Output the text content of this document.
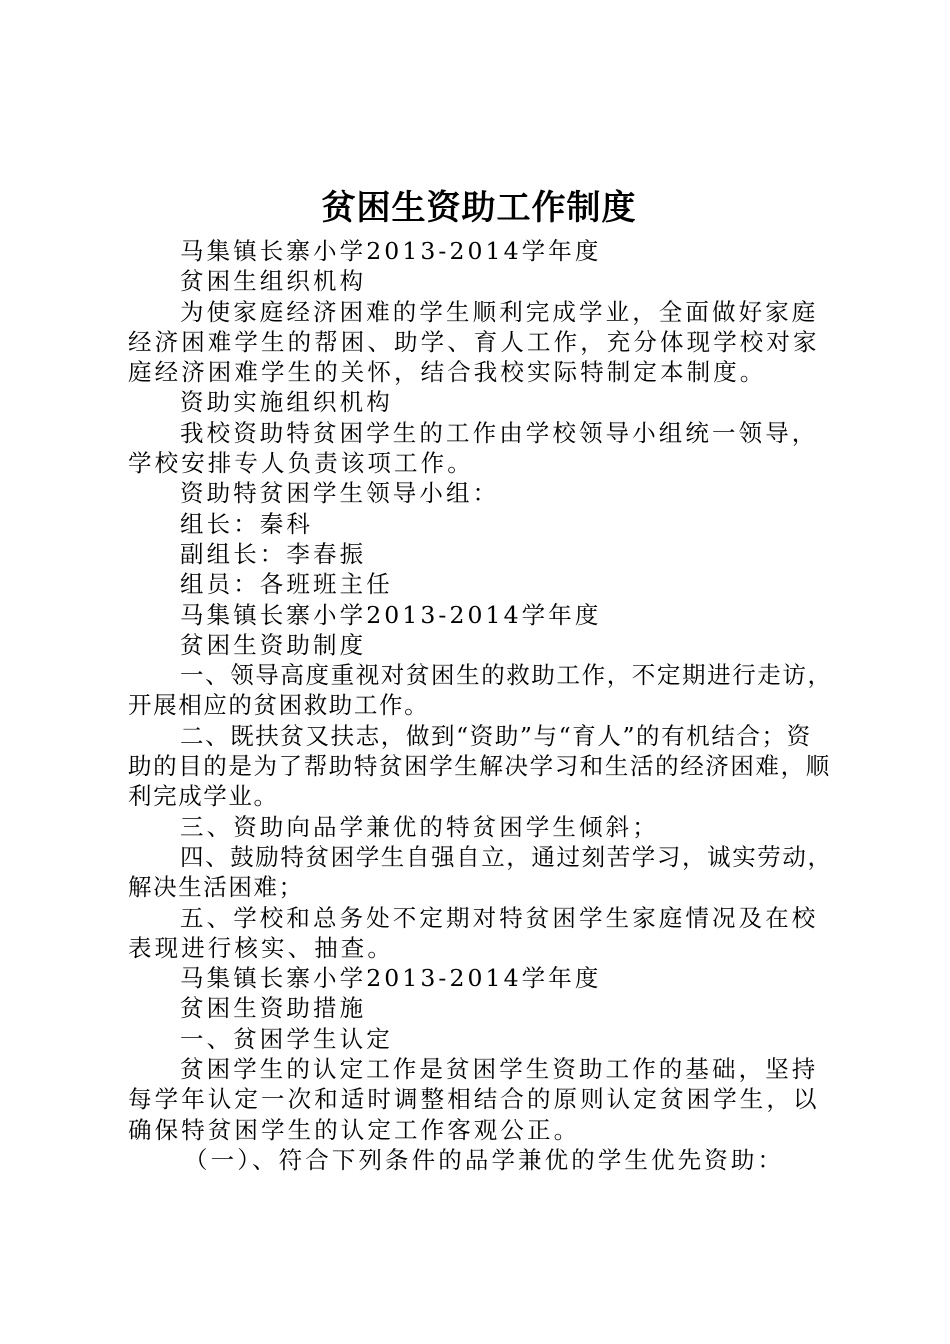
贫困生资助工作制度

马集镇长寨小学2013-2014学年度

贫困生组织机构

为使家庭经济困难的学生顺利完成学业，全面做好家庭经济困难学生的帮困、助学、育人工作，充分体现学校对家庭经济困难学生的关怀，结合我校实际特制定本制度。

资助实施组织机构

我校资助特贫困学生的工作由学校领导小组统一领导，学校安排专人负责该项工作。

资助特贫困学生领导小组：

组长：秦科

副组长：李春振

组员：各班班主任

马集镇长寨小学2013-2014学年度

贫困生资助制度

一、领导高度重视对贫困生的救助工作，不定期进行走访，开展相应的贫困救助工作。

二、既扶贫又扶志，做到“资助”与“育人”的有机结合；资助的目的是为了帮助特贫困学生解决学习和生活的经济困难，顺利完成学业。

三、资助向品学兼优的特贫困学生倾斜；

四、鼓励特贫困学生自强自立，通过刻苦学习，诚实劳动，解决生活困难；

五、学校和总务处不定期对特贫困学生家庭情况及在校表现进行核实、抽查。

马集镇长寨小学2013-2014学年度

贫困生资助措施

一、贫困学生认定

贫困学生的认定工作是贫困学生资助工作的基础，坚持每学年认定一次和适时调整相结合的原则认定贫困学生，以确保特贫困学生的认定工作客观公正。

（一）、符合下列条件的品学兼优的学生优先资助：
